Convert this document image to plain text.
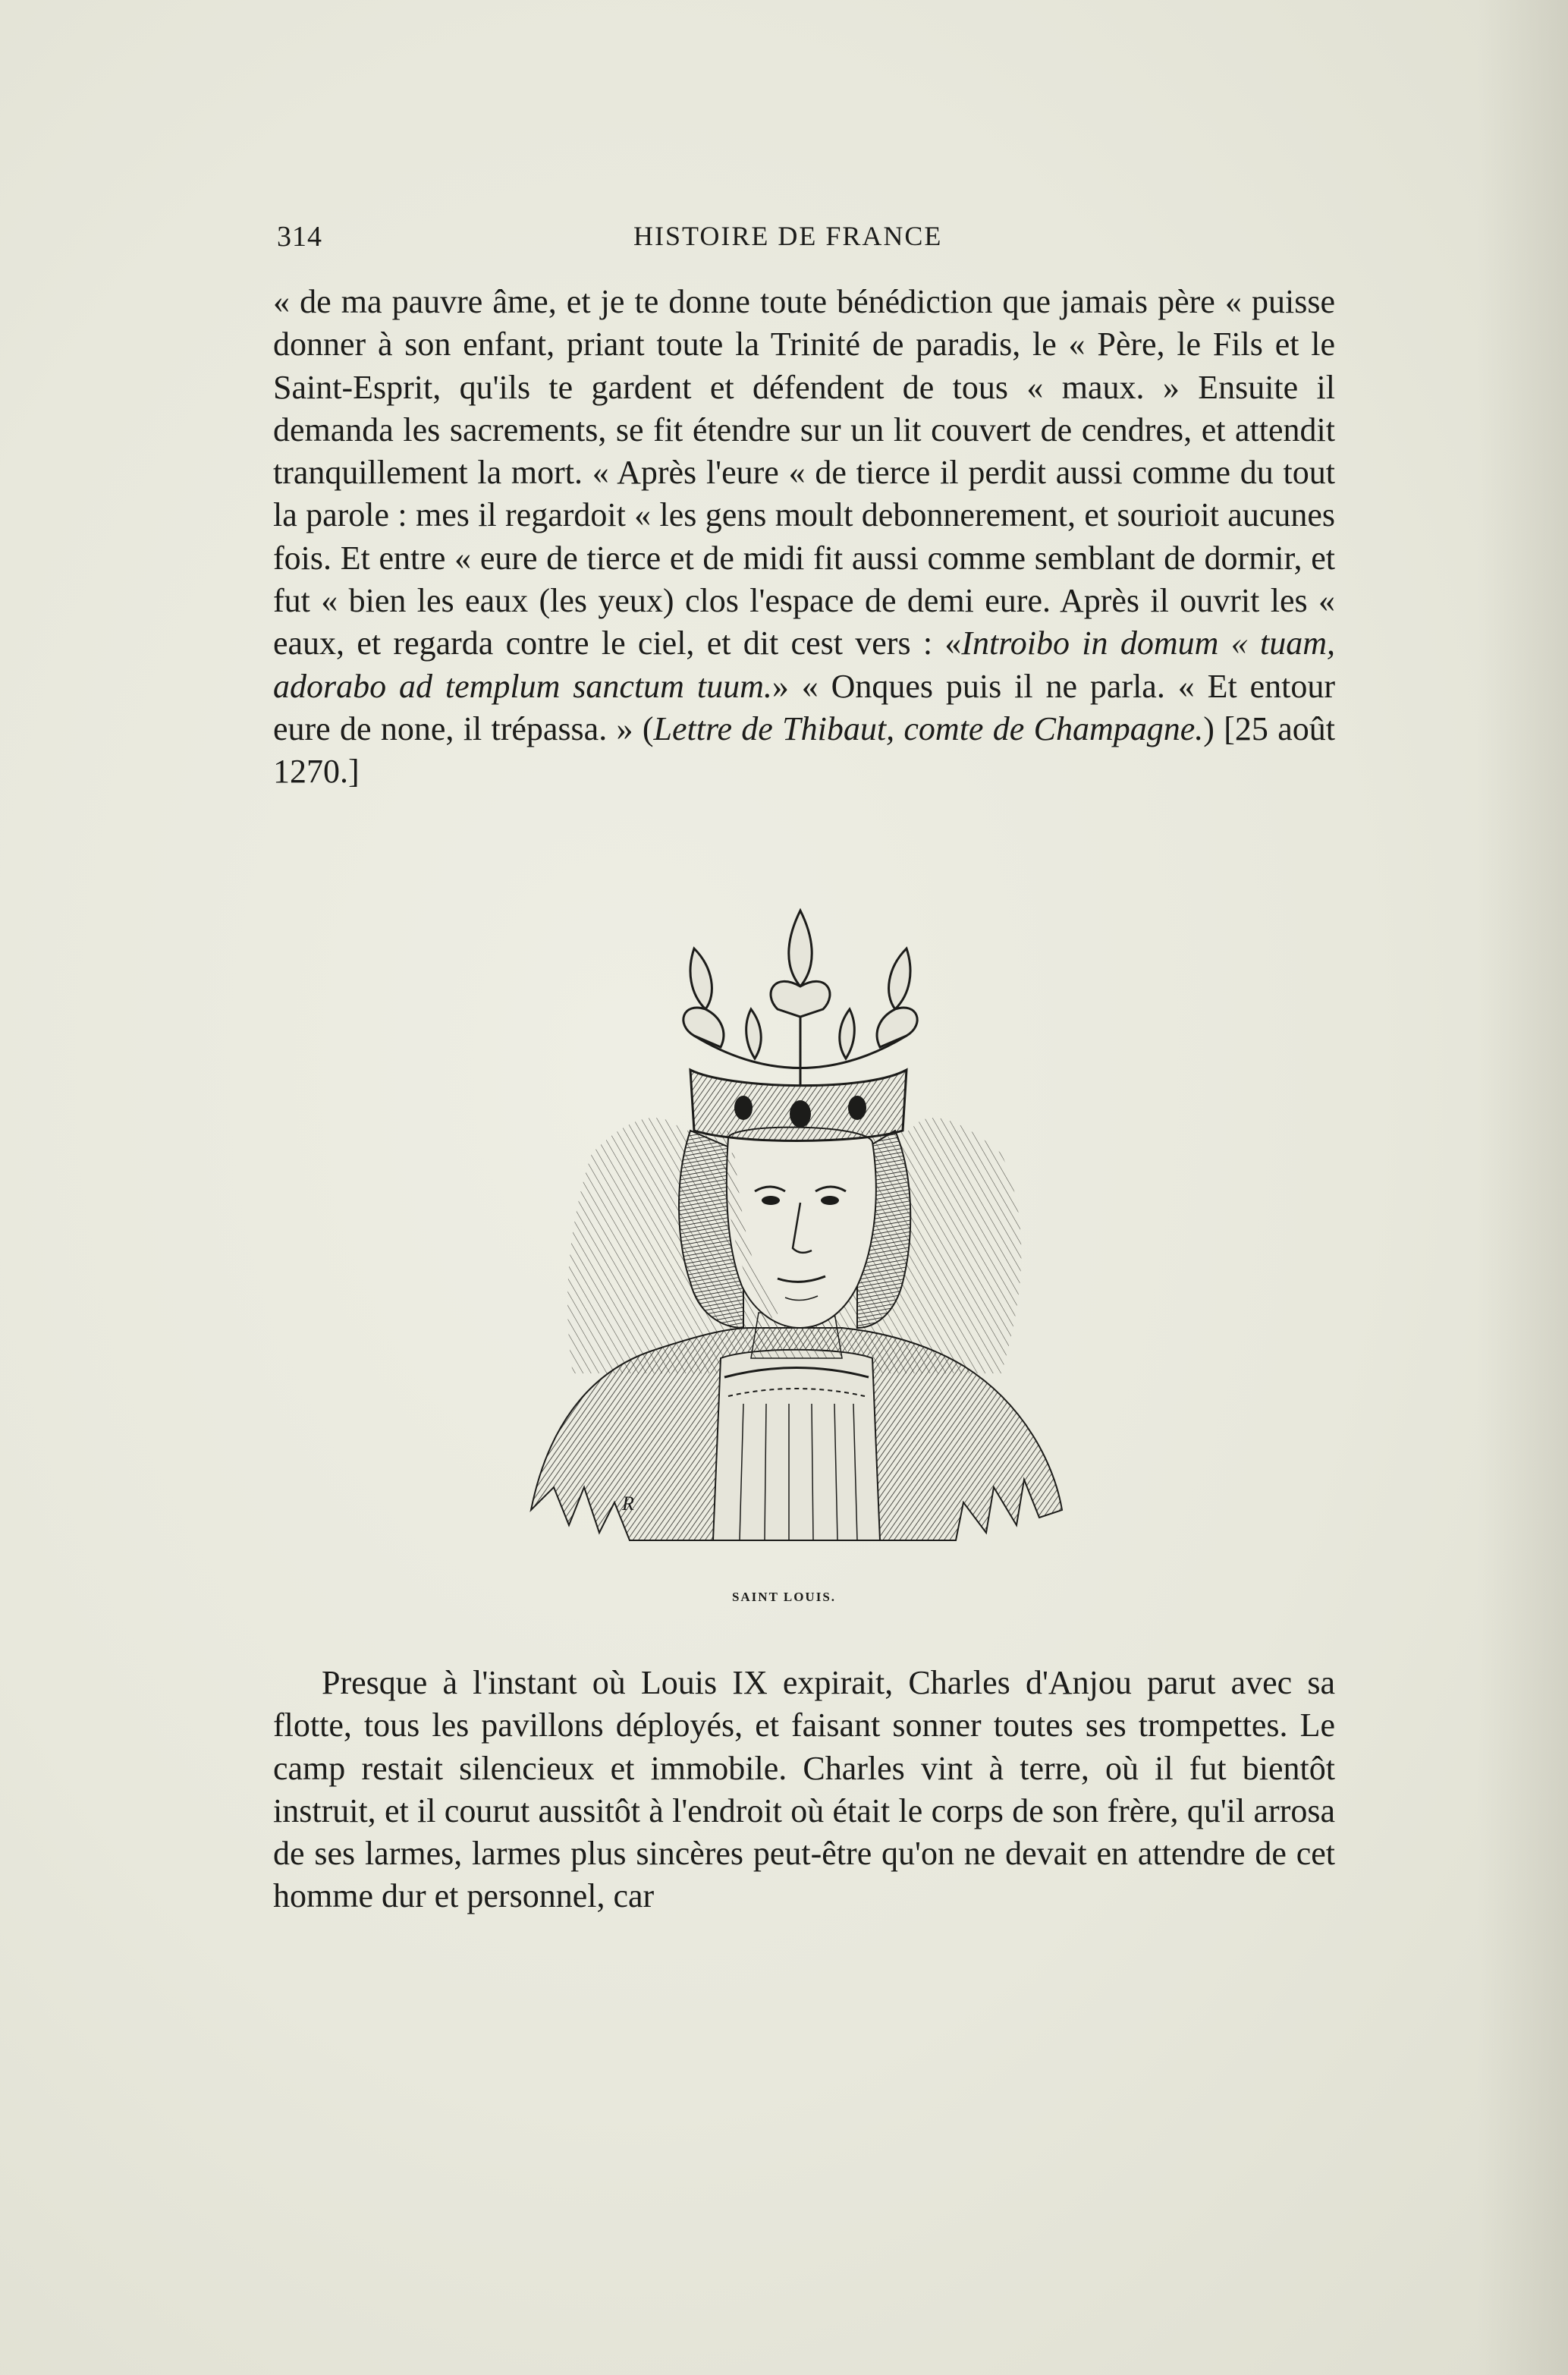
314	HISTOIRE DE FRANCE

« de ma pauvre âme, et je te donne toute bénédiction que jamais père « puisse donner à son enfant, priant toute la Trinité de paradis, le « Père, le Fils et le Saint-Esprit, qu'ils te gardent et défendent de tous « maux. » Ensuite il demanda les sacrements, se fit étendre sur un lit couvert de cendres, et attendit tranquillement la mort. « Après l'eure « de tierce il perdit aussi comme du tout la parole : mes il regardoit « les gens moult debonnerement, et sourioit aucunes fois. Et entre « eure de tierce et de midi fit aussi comme semblant de dormir, et fut « bien les eaux (les yeux) clos l'espace de demi eure. Après il ouvrit les « eaux, et regarda contre le ciel, et dit cest vers : «Introibo in domum « tuam, adorabo ad templum sanctum tuum.» « Onques puis il ne parla. « Et entour eure de none, il trépassa. » (Lettre de Thibaut, comte de Champagne.) [25 août 1270.]

R
SAINT LOUIS.

Presque à l'instant où Louis IX expirait, Charles d'Anjou parut avec sa flotte, tous les pavillons déployés, et faisant sonner toutes ses trompettes. Le camp restait silencieux et immobile. Charles vint à terre, où il fut bientôt instruit, et il courut aussitôt à l'endroit où était le corps de son frère, qu'il arrosa de ses larmes, larmes plus sincères peut-être qu'on ne devait en attendre de cet homme dur et personnel, car
